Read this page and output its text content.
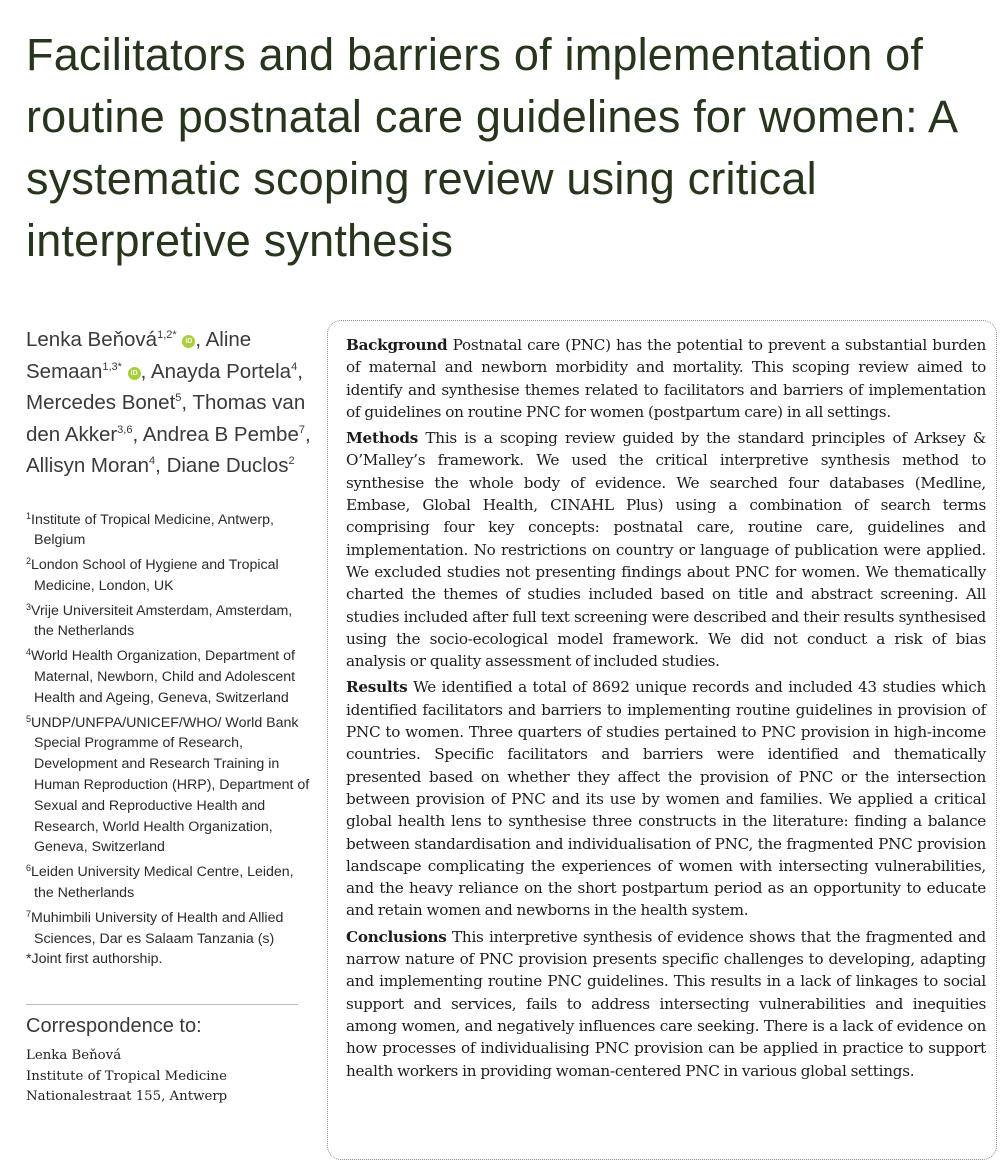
Facilitators and barriers of implementation of routine postnatal care guidelines for women: A systematic scoping review using critical interpretive synthesis

Lenka Beňová$^{1,2*}$ iD , Aline Semaan$^{1,3*}$ iD , Anayda Portela$^4$, Mercedes Bonet$^5$, Thomas van den Akker$^{3,6}$, Andrea B Pembe$^7$, Allisyn Moran$^4$, Diane Duclos$^2$

$^1$Institute of Tropical Medicine, Antwerp, Belgium
$^2$London School of Hygiene and Tropical Medicine, London, UK
$^3$Vrije Universiteit Amsterdam, Amsterdam, the Netherlands
$^4$World Health Organization, Department of Maternal, Newborn, Child and Adolescent Health and Ageing, Geneva, Switzerland
$^5$UNDP/UNFPA/UNICEF/WHO/ World Bank Special Programme of Research, Development and Research Training in Human Reproduction (HRP), Department of Sexual and Reproductive Health and Research, World Health Organization, Geneva, Switzerland
$^6$Leiden University Medical Centre, Leiden, the Netherlands
$^7$Muhimbili University of Health and Allied Sciences, Dar es Salaam Tanzania (s)
*Joint first authorship.
Correspondence to:
Lenka Beňová
Institute of Tropical Medicine
Nationalestraat 155, Antwerp

Background Postnatal care (PNC) has the potential to prevent a substantial burden of maternal and newborn morbidity and mortality. This scoping review aimed to identify and synthesise themes related to facilitators and barriers of implementation of guidelines on routine PNC for women (postpartum care) in all settings.

Methods This is a scoping review guided by the standard principles of Arksey & O’Malley’s framework. We used the critical interpretive synthesis method to synthesise the whole body of evidence. We searched four databases (Medline, Embase, Global Health, CINAHL Plus) using a combination of search terms comprising four key concepts: postnatal care, routine care, guidelines and implementation. No restrictions on country or language of publication were applied. We excluded studies not presenting findings about PNC for women. We thematically charted the themes of studies included based on title and abstract screening. All studies included after full text screening were described and their results synthesised using the socio-ecological model framework. We did not conduct a risk of bias analysis or quality assessment of included studies.

Results We identified a total of 8692 unique records and included 43 studies which identified facilitators and barriers to implementing routine guidelines in provision of PNC to women. Three quarters of studies pertained to PNC provision in high-income countries. Specific facilitators and barriers were identified and thematically presented based on whether they affect the provision of PNC or the intersection between provision of PNC and its use by women and families. We applied a critical global health lens to synthesise three constructs in the literature: finding a balance between standardisation and individualisation of PNC, the fragmented PNC provision landscape complicating the experiences of women with intersecting vulnerabilities, and the heavy reliance on the short postpartum period as an opportunity to educate and retain women and newborns in the health system.

Conclusions This interpretive synthesis of evidence shows that the fragmented and narrow nature of PNC provision presents specific challenges to developing, adapting and implementing routine PNC guidelines. This results in a lack of linkages to social support and services, fails to address intersecting vulnerabilities and inequities among women, and negatively influences care seeking. There is a lack of evidence on how processes of individualising PNC provision can be applied in practice to support health workers in providing woman-centered PNC in various global settings.
